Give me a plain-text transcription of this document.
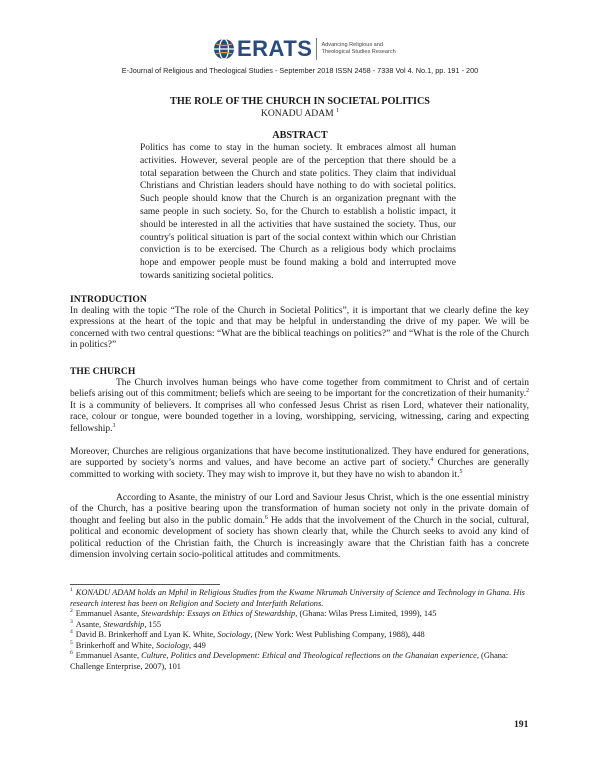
ERATS Advancing Religious and Theological Studies Research
E-Journal of Religious and Theological Studies - September 2018 ISSN 2458 - 7338 Vol 4. No.1, pp. 191 - 200
THE ROLE OF THE CHURCH IN SOCIETAL POLITICS
KONADU ADAM $^1$
ABSTRACT
Politics has come to stay in the human society. It embraces almost all human activities. However, several people are of the perception that there should be a total separation between the Church and state politics. They claim that individual Christians and Christian leaders should have nothing to do with societal politics. Such people should know that the Church is an organization pregnant with the same people in such society. So, for the Church to establish a holistic impact, it should be interested in all the activities that have sustained the society. Thus, our country's political situation is part of the social context within which our Christian conviction is to be exercised. The Church as a religious body which proclaims hope and empower people must be found making a bold and interrupted move towards sanitizing societal politics.
INTRODUCTION
In dealing with the topic “The role of the Church in Societal Politics”, it is important that we clearly define the key expressions at the heart of the topic and that may be helpful in understanding the drive of my paper. We will be concerned with two central questions: “What are the biblical teachings on politics?” and “What is the role of the Church in politics?”
THE CHURCH
The Church involves human beings who have come together from commitment to Christ and of certain beliefs arising out of this commitment; beliefs which are seeing to be important for the concretization of their humanity.$^2$ It is a community of believers. It comprises all who confessed Jesus Christ as risen Lord, whatever their nationality, race, colour or tongue, were bounded together in a loving, worshipping, servicing, witnessing, caring and expecting fellowship.$^3$
Moreover, Churches are religious organizations that have become institutionalized. They have endured for generations, are supported by society’s norms and values, and have become an active part of society.$^4$ Churches are generally committed to working with society. They may wish to improve it, but they have no wish to abandon it.$^5$
According to Asante, the ministry of our Lord and Saviour Jesus Christ, which is the one essential ministry of the Church, has a positive bearing upon the transformation of human society not only in the private domain of thought and feeling but also in the public domain.$^6$ He adds that the involvement of the Church in the social, cultural, political and economic development of society has shown clearly that, while the Church seeks to avoid any kind of political reduction of the Christian faith, the Church is increasingly aware that the Christian faith has a concrete dimension involving certain socio-political attitudes and commitments.

$^1$ KONADU ADAM holds an Mphil in Religious Studies from the Kwame Nkrumah University of Science and Technology in Ghana. His research interest has been on Religion and Society and Interfaith Relations.

$^2$ Emmanuel Asante, Stewardship: Essays on Ethics of Stewardship, (Ghana: Wilas Press Limited, 1999), 145

$^3$ Asante, Stewardship, 155

$^4$ David B. Brinkerhoff and Lyan K. White, Sociology, (New York: West Publishing Company, 1988), 448

$^5$ Brinkerhoff and White, Sociology, 449

$^6$ Emmanuel Asante, Culture, Politics and Development: Ethical and Theological reflections on the Ghanaian experience, (Ghana: Challenge Enterprise, 2007), 101

191
